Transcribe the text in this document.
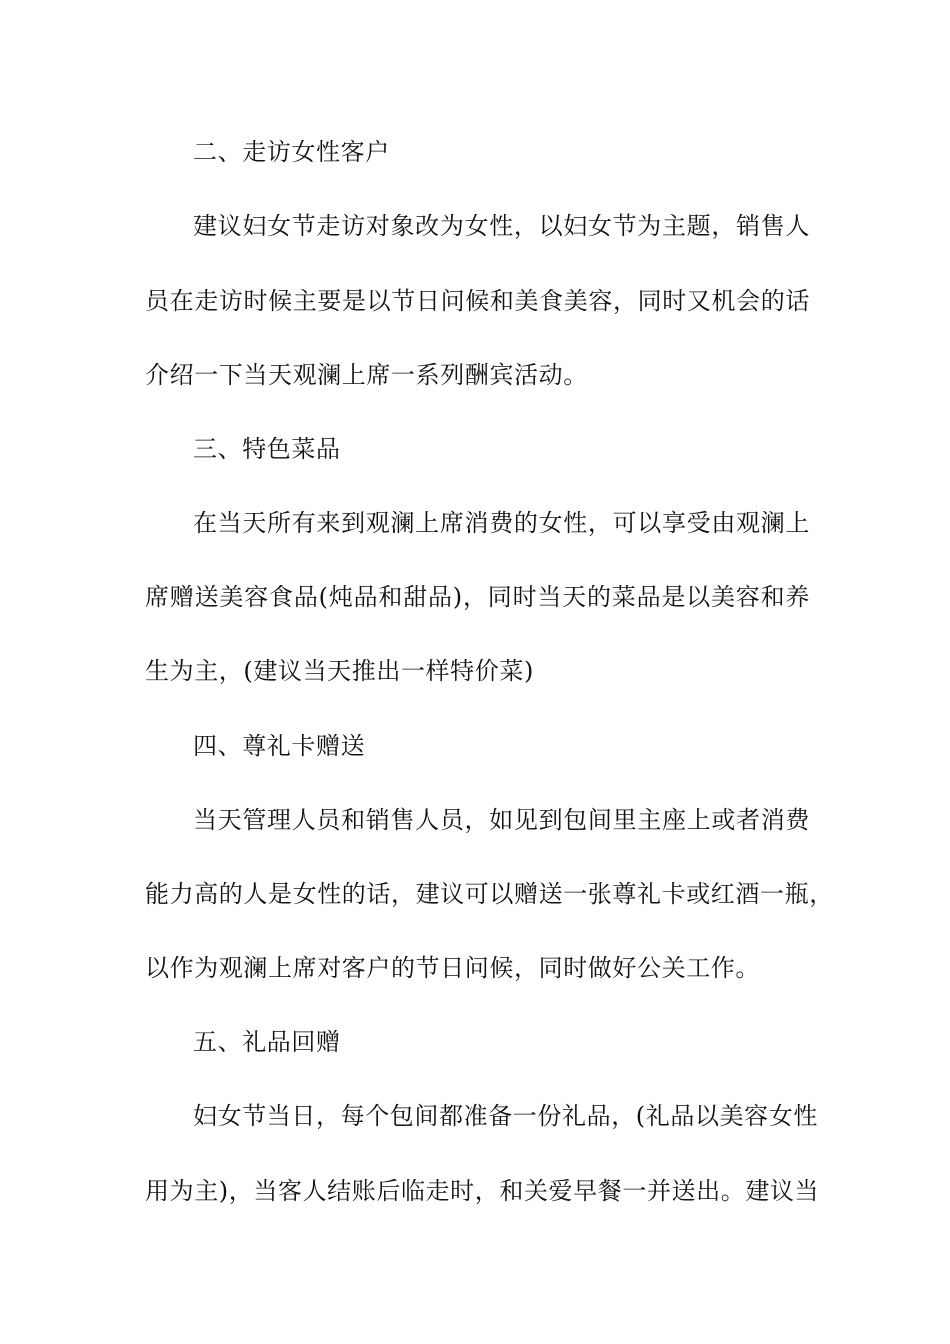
二、走访女性客户
建议妇女节走访对象改为女性，以妇女节为主题，销售人
员在走访时候主要是以节日问候和美食美容，同时又机会的话
介绍一下当天观澜上席一系列酬宾活动。
三、特色菜品
在当天所有来到观澜上席消费的女性，可以享受由观澜上
席赠送美容食品(炖品和甜品)，同时当天的菜品是以美容和养
生为主，(建议当天推出一样特价菜)
四、尊礼卡赠送
当天管理人员和销售人员，如见到包间里主座上或者消费
能力高的人是女性的话，建议可以赠送一张尊礼卡或红酒一瓶，
以作为观澜上席对客户的节日问候，同时做好公关工作。
五、礼品回赠
妇女节当日，每个包间都准备一份礼品，(礼品以美容女性
用为主)，当客人结账后临走时，和关爱早餐一并送出。建议当
